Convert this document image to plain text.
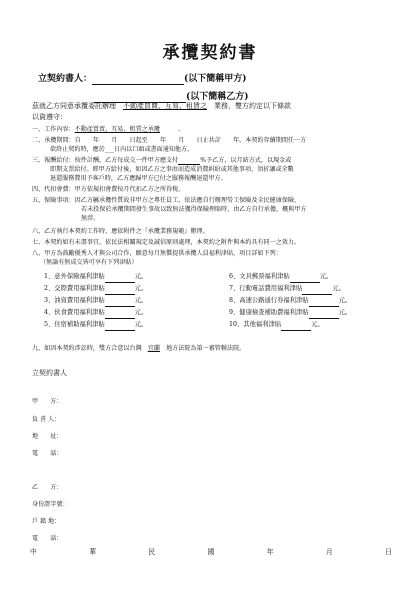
承攬契約書
立契約書人：	(以下簡稱甲方)
(以下簡稱乙方)
茲就乙方同意承攬委託辦理　 不動產買賣、互易、租賃之　 業務，雙方約定以下條款
以資遵守：
一、工作內容：不動產買賣、互易、租賃之承攬　　　	。
二、承攬期間：自　　年　　月　　日起至　　年　　月　　日止共計　　年，本契約存續期間任一方
欲終止契約時，應於___日內以口頭或書面通知他方。
三、報酬給付：按件計酬，乙方每成交一件甲方應支付	%予乙方，以月結方式，以現金或
即期支票給付。經甲方給付後，如因乙方之事由而造成消費糾紛或其他事項，須折讓或全數
退還服務費用予客戶時，乙方應歸甲方已付之服務報酬退還甲方。
四、代扣會費：甲方依規扣會費按月代扣乙方之所得稅。
五、保險事項：因乙方屬承攬性質故非甲方之專任員工，依法應自行辦理勞工保險及全民健康保險，
若未投保於承攬期間發生事故以致無法獲得保險理賠時，由乙方自行承擔，概與甲方
無涉。
六、乙方執行本契約工作時，應依附件之『承攬業務規範』辦理。
七、本契約如有未盡事宜，依民法相關規定及誠信原則處理，本契約之附件與本約具有同一之效力。
八、甲方為鼓勵優秀人才與公司合作，願意每月無償提供承攬人員福利津貼，項目詳如下列：
（無論有無成交皆可享有下列津貼）
1、意外保險福利津貼	元。
2、交際費用福利津貼	元。
3、油資費用福利津貼	元。
4、伙食費用福利津貼	元。
5、住宿補助福利津貼	元。
6、文具郵票福利津貼	元。
7、行動電話費用福利津貼	元。
8、高速公路通行券福利津貼	元。
9、健康檢查補助費福利津貼	元。
10、其他福利津貼	元。
九、如因本契約涉訟時，雙方合意以台灣　 宜蘭　 地方法院為第一審管轄法院。
立契約書人
甲　　方：
負 責 人：
地　　址：
電　　話：
乙　　方：
身份證字號：
戶 籍 地：
電　　話：
中	華	民	國	年	月	日
